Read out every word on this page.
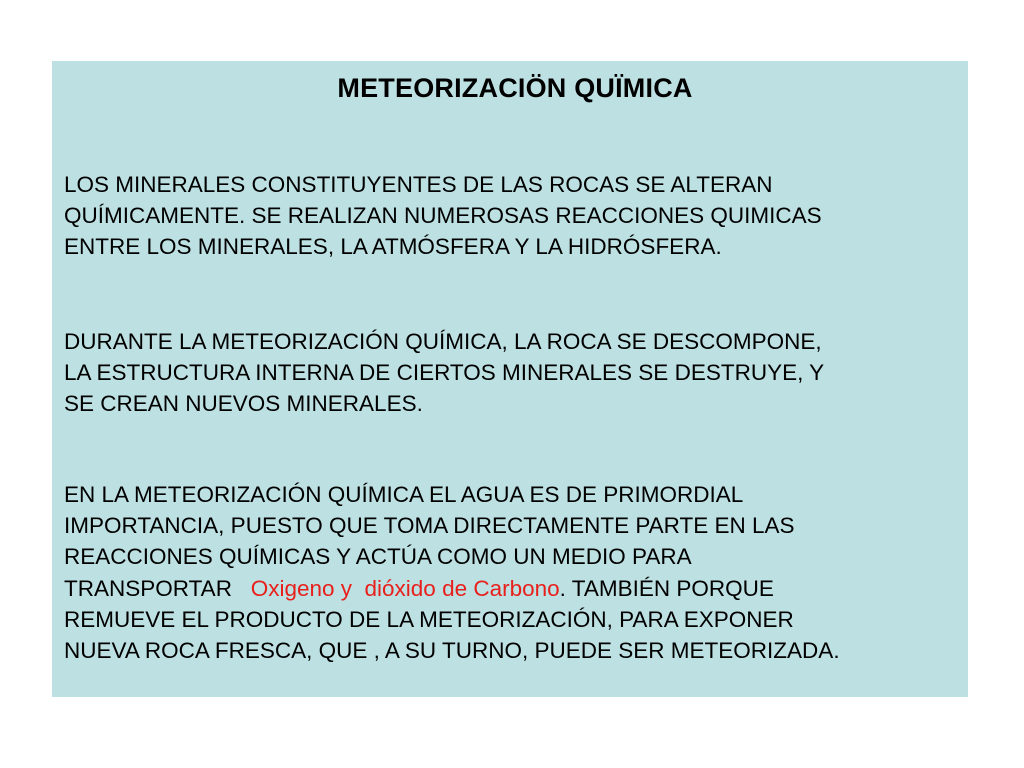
METEORIZACIÖN QUÏMICA

LOS MINERALES CONSTITUYENTES DE LAS ROCAS SE ALTERAN
QUÍMICAMENTE. SE REALIZAN NUMEROSAS REACCIONES QUIMICAS
ENTRE LOS MINERALES, LA ATMÓSFERA Y LA HIDRÓSFERA.

DURANTE LA METEORIZACIÓN QUÍMICA, LA ROCA SE DESCOMPONE,
LA ESTRUCTURA INTERNA DE CIERTOS MINERALES SE DESTRUYE, Y
SE CREAN NUEVOS MINERALES.

EN LA METEORIZACIÓN QUÍMICA EL AGUA ES DE PRIMORDIAL
IMPORTANCIA, PUESTO QUE TOMA DIRECTAMENTE PARTE EN LAS
REACCIONES QUÍMICAS Y ACTÚA COMO UN MEDIO PARA
TRANSPORTAR   Oxigeno y  dióxido de Carbono. TAMBIÉN PORQUE
REMUEVE EL PRODUCTO DE LA METEORIZACIÓN, PARA EXPONER
NUEVA ROCA FRESCA, QUE , A SU TURNO, PUEDE SER METEORIZADA.
